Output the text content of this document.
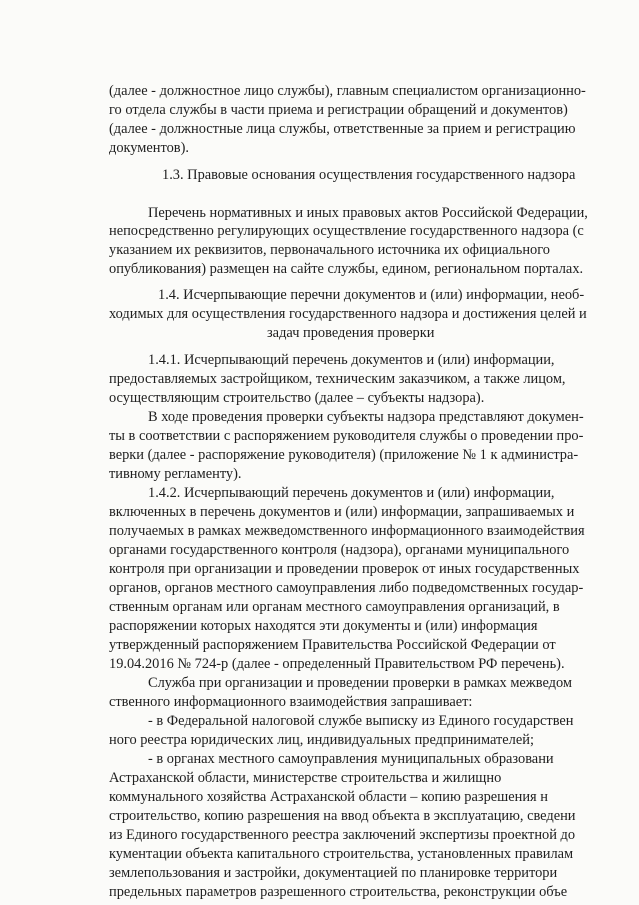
(далее - должностное лицо службы), главным специалистом организационно-
го отдела службы в части приема и регистрации обращений и документов)
(далее - должностные лица службы, ответственные за прием и регистрацию
документов).
1.3. Правовые основания осуществления государственного надзора
Перечень нормативных и иных правовых актов Российской Федерации,
непосредственно регулирующих осуществление государственного надзора (с
указанием их реквизитов, первоначального источника их официального
опубликования) размещен на сайте службы, едином, региональном порталах.
1.4. Исчерпывающие перечни документов и (или) информации, необ-
ходимых для осуществления государственного надзора и достижения целей и
задач проведения проверки
1.4.1. Исчерпывающий перечень документов и (или) информации,
предоставляемых застройщиком, техническим заказчиком, а также лицом,
осуществляющим строительство (далее – субъекты надзора).
В ходе проведения проверки субъекты надзора представляют докумен-
ты в соответствии с распоряжением руководителя службы о проведении про-
верки (далее - распоряжение руководителя) (приложение № 1 к администра-
тивному регламенту).
1.4.2. Исчерпывающий перечень документов и (или) информации,
включенных в перечень документов и (или) информации, запрашиваемых и
получаемых в рамках межведомственного информационного взаимодействия
органами государственного контроля (надзора), органами муниципального
контроля при организации и проведении проверок от иных государственных
органов, органов местного самоуправления либо подведомственных государ-
ственным органам или органам местного самоуправления организаций, в
распоряжении которых находятся эти документы и (или) информация
утвержденный распоряжением Правительства Российской Федерации от
19.04.2016 № 724-р (далее - определенный Правительством РФ перечень).
Служба при организации и проведении проверки в рамках межведом
ственного информационного взаимодействия запрашивает:
- в Федеральной налоговой службе выписку из Единого государствен
ного реестра юридических лиц, индивидуальных предпринимателей;
- в органах местного самоуправления муниципальных образовани
Астраханской области, министерстве строительства и жилищно
коммунального хозяйства Астраханской области – копию разрешения н
строительство, копию разрешения на ввод объекта в эксплуатацию, сведени
из Единого государственного реестра заключений экспертизы проектной до
кументации объекта капитального строительства, установленных правилам
землепользования и застройки, документацией по планировке территори
предельных параметров разрешенного строительства, реконструкции объе
